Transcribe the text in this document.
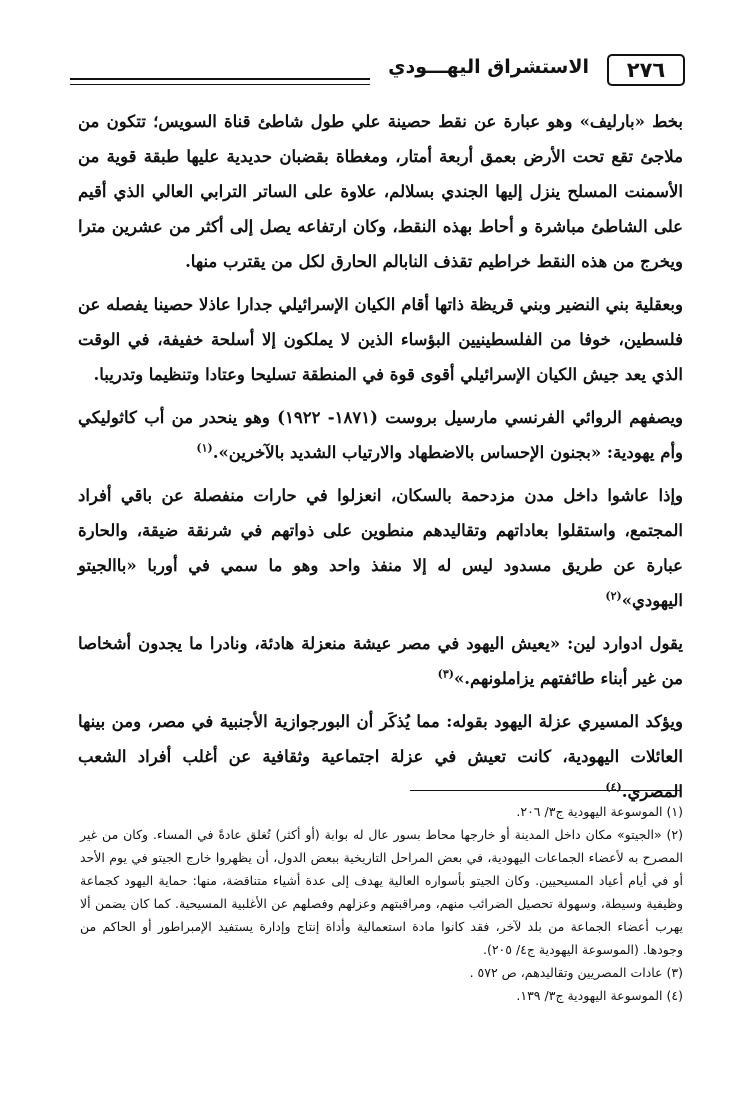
٢٧٦
الاستشراق اليهـــودي

بخط «بارليف» وهو عبارة عن نقط حصينة علي طول شاطئ قناة السويس؛ تتكون من ملاجئ تقع تحت الأرض بعمق أربعة أمتار، ومغطاة بقضبان حديدية عليها طبقة قوية من الأسمنت المسلح ينزل إليها الجندي بسلالم، علاوة على الساتر الترابي العالي الذي أقيم على الشاطئ مباشرة و أحاط بهذه النقط، وكان ارتفاعه يصل إلى أكثر من عشرين مترا ويخرج من هذه النقط خراطيم تقذف النابالم الحارق لكل من يقترب منها.

وبعقلية بني النضير وبني قريظة ذاتها أقام الكيان الإسرائيلي جدارا عاذلا حصينا يفصله عن فلسطين، خوفا من الفلسطينيين البؤساء الذين لا يملكون إلا أسلحة خفيفة، في الوقت الذي يعد جيش الكيان الإسرائيلي أقوى قوة في المنطقة تسليحا وعتادا وتنظيما وتدريبا.

ويصفهم الروائي الفرنسي مارسيل بروست (١٨٧١- ١٩٢٢) وهو ينحدر من أب كاثوليكي وأم يهودية: «بجنون الإحساس بالاضطهاد والارتياب الشديد بالآخرين».$^{(١)}$

وإذا عاشوا داخل مدن مزدحمة بالسكان، انعزلوا في حارات منفصلة عن باقي أفراد المجتمع، واستقلوا بعاداتهم وتقاليدهم منطوين على ذواتهم في شرنقة ضيقة، والحارة عبارة عن طريق مسدود ليس له إلا منفذ واحد وهو ما سمي في أوربا «باالجيتو اليهودي»$^{(٢)}$

يقول ادوارد لين: «يعيش اليهود في مصر عيشة منعزلة هادئة، ونادرا ما يجدون أشخاصا من غير أبناء طائفتهم يزاملونهم.»$^{(٣)}$

ويؤكد المسيري عزلة اليهود بقوله: مما يُذكَر أن البورجوازية الأجنبية في مصر، ومن بينها العائلات اليهودية، كانت تعيش في عزلة اجتماعية وثقافية عن أغلب أفراد الشعب المصري.$^{(٤)}$

(١) الموسوعة اليهودية ج٣/ ٢٠٦.
(٢) «الجيتو» مكان داخل المدينة أو خارجها محاط بسور عال له بوابة (أو أكثر) تُغلق عادةً في المساء. وكان من غير المصرح به لأعضاء الجماعات اليهودية، في بعض المراحل التاريخية ببعض الدول، أن يظهروا خارج الجيتو في يوم الأحد أو في أيام أعياد المسيحيين. وكان الجيتو بأسواره العالية يهدف إلى عدة أشياء متناقضة، منها: حماية اليهود كجماعة وظيفية وسيطة، وسهولة تحصيل الضرائب منهم، ومراقبتهم وعزلهم وفصلهم عن الأغلبية المسيحية. كما كان يضمن ألا يهرب أعضاء الجماعة من بلد لآخر، فقد كانوا مادة استعمالية وأداة إنتاج وإدارة يستفيد الإمبراطور أو الحاكم من وجودها. (الموسوعة اليهودية ج٤/ ٢٠٥).
(٣) عادات المصريين وتقاليدهم، ص ٥٧٢ .
(٤) الموسوعة اليهودية ج٣/ ١٣٩.
